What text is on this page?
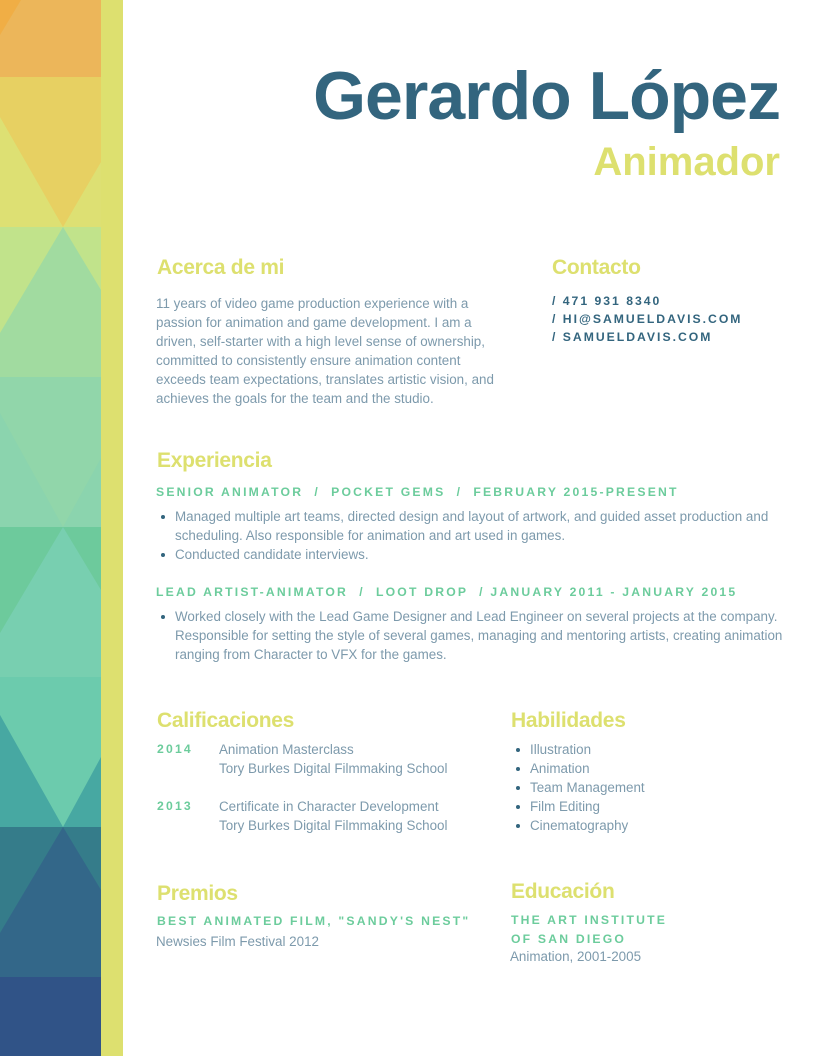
Gerardo López
Animador
Acerca de mi

11 years of video game production experience with a passion for animation and game development. I am a driven, self-starter with a high level sense of ownership, committed to consistently ensure animation content exceeds team expectations, translates artistic vision, and achieves the goals for the team and the studio.

Contacto
/ 471 931 8340
/ HI@SAMUELDAVIS.COM
/ SAMUELDAVIS.COM
Experiencia
SENIOR ANIMATOR  /  POCKET GEMS  /  FEBRUARY 2015-PRESENT
Managed multiple art teams, directed design and layout of artwork, and guided asset production and scheduling. Also responsible for animation and art used in games.
Conducted candidate interviews.
LEAD ARTIST-ANIMATOR  /  LOOT DROP  / JANUARY 2011 - JANUARY 2015
Worked closely with the Lead Game Designer and Lead Engineer on several projects at the company. Responsible for setting the style of several games, managing and mentoring artists, creating animation ranging from Character to VFX for the games.
Calificaciones
2014	Animation Masterclass
Tory Burkes Digital Filmmaking School
2013	Certificate in Character Development
Tory Burkes Digital Filmmaking School
Habilidades
Illustration
Animation
Team Management
Film Editing
Cinematography
Premios
BEST ANIMATED FILM, "SANDY'S NEST"
Newsies Film Festival 2012
Educación
THE ART INSTITUTE
OF SAN DIEGO
Animation, 2001-2005
